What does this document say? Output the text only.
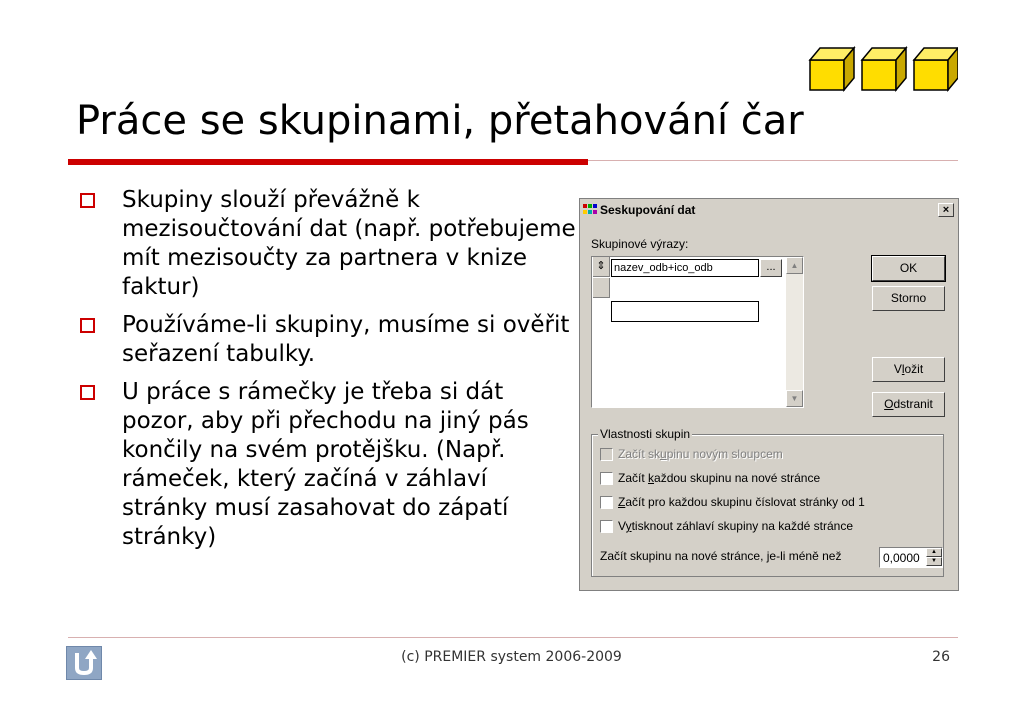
Práce se skupinami, přetahování čar
Skupiny slouží převážně k mezisoučtování dat (např. potřebujeme mít mezisoučty za partnera v knize faktur)
Používáme-li skupiny, musíme si ověřit seřazení tabulky.
U práce s rámečky je třeba si dát pozor, aby při přechodu na jiný pás končily na svém protějšku. (Např. rámeček, který začíná v záhlaví stránky musí zasahovat do zápatí stránky)
Seskupování dat	×
Skupinové výrazy:
⇕ nazev_odb+ico_odb	...	▲
▼
OK
Storno
Vložit
Odstranit
Vlastnosti skupin
Začít skupinu novým sloupcem
Začít každou skupinu na nové stránce
Začít pro každou skupinu číslovat stránky od 1
Vytisknout záhlaví skupiny na každé stránce
Začít skupinu na nové stránce, je-li méně než	0,0000	▲
▼
(c) PREMIER system 2006-2009	26
